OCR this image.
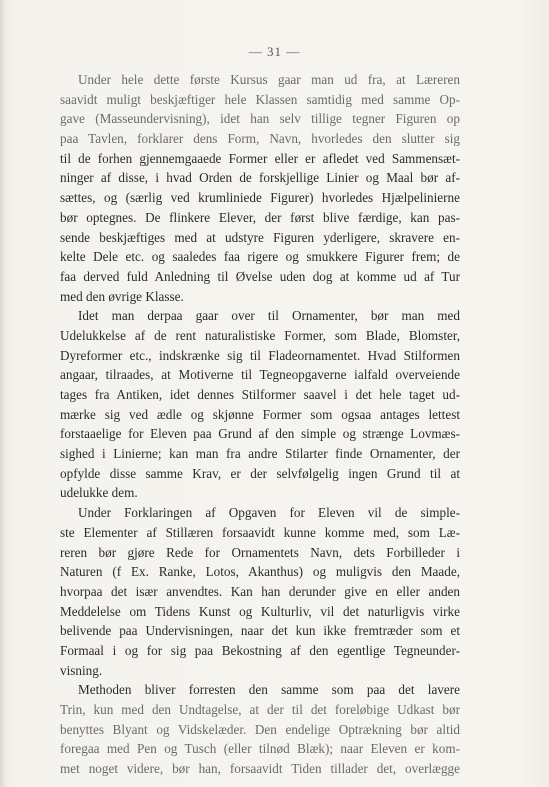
— 31 —
Under hele dette første Kursus gaar man ud fra, at Læreren
saavidt muligt beskjæftiger hele Klassen samtidig med samme Op-
gave (Masseundervisning), idet han selv tillige tegner Figuren op
paa Tavlen, forklarer dens Form, Navn, hvorledes den slutter sig
til de forhen gjennemgaaede Former eller er afledet ved Sammensæt-
ninger af disse, i hvad Orden de forskjellige Linier og Maal bør af-
sættes, og (særlig ved krumliniede Figurer) hvorledes Hjælpelinierne
bør optegnes. De flinkere Elever, der først blive færdige, kan pas-
sende beskjæftiges med at udstyre Figuren yderligere, skravere en-
kelte Dele etc. og saaledes faa rigere og smukkere Figurer frem; de
faa derved fuld Anledning til Øvelse uden dog at komme ud af Tur
med den øvrige Klasse.
Idet man derpaa gaar over til Ornamenter, bør man med
Udelukkelse af de rent naturalistiske Former, som Blade, Blomster,
Dyreformer etc., indskrænke sig til Fladeornamentet. Hvad Stilformen
angaar, tilraades, at Motiverne til Tegneopgaverne ialfald overveiende
tages fra Antiken, idet dennes Stilformer saavel i det hele taget ud-
mærke sig ved ædle og skjønne Former som ogsaa antages lettest
forstaaelige for Eleven paa Grund af den simple og strænge Lovmæs-
sighed i Linierne; kan man fra andre Stilarter finde Ornamenter, der
opfylde disse samme Krav, er der selvfølgelig ingen Grund til at
udelukke dem.
Under Forklaringen af Opgaven for Eleven vil de simple-
ste Elementer af Stillæren forsaavidt kunne komme med, som Læ-
reren bør gjøre Rede for Ornamentets Navn, dets Forbilleder i
Naturen (f Ex. Ranke, Lotos, Akanthus) og muligvis den Maade,
hvorpaa det især anvendtes. Kan han derunder give en eller anden
Meddelelse om Tidens Kunst og Kulturliv, vil det naturligvis virke
belivende paa Undervisningen, naar det kun ikke fremtræder som et
Formaal i og for sig paa Bekostning af den egentlige Tegneunder-
visning.
Methoden bliver forresten den samme som paa det lavere
Trin, kun med den Undtagelse, at der til det foreløbige Udkast bør
benyttes Blyant og Vidskelæder. Den endelige Optrækning bør altid
foregaa med Pen og Tusch (eller tilnød Blæk); naar Eleven er kom-
met noget videre, bør han, forsaavidt Tiden tillader det, overlægge
